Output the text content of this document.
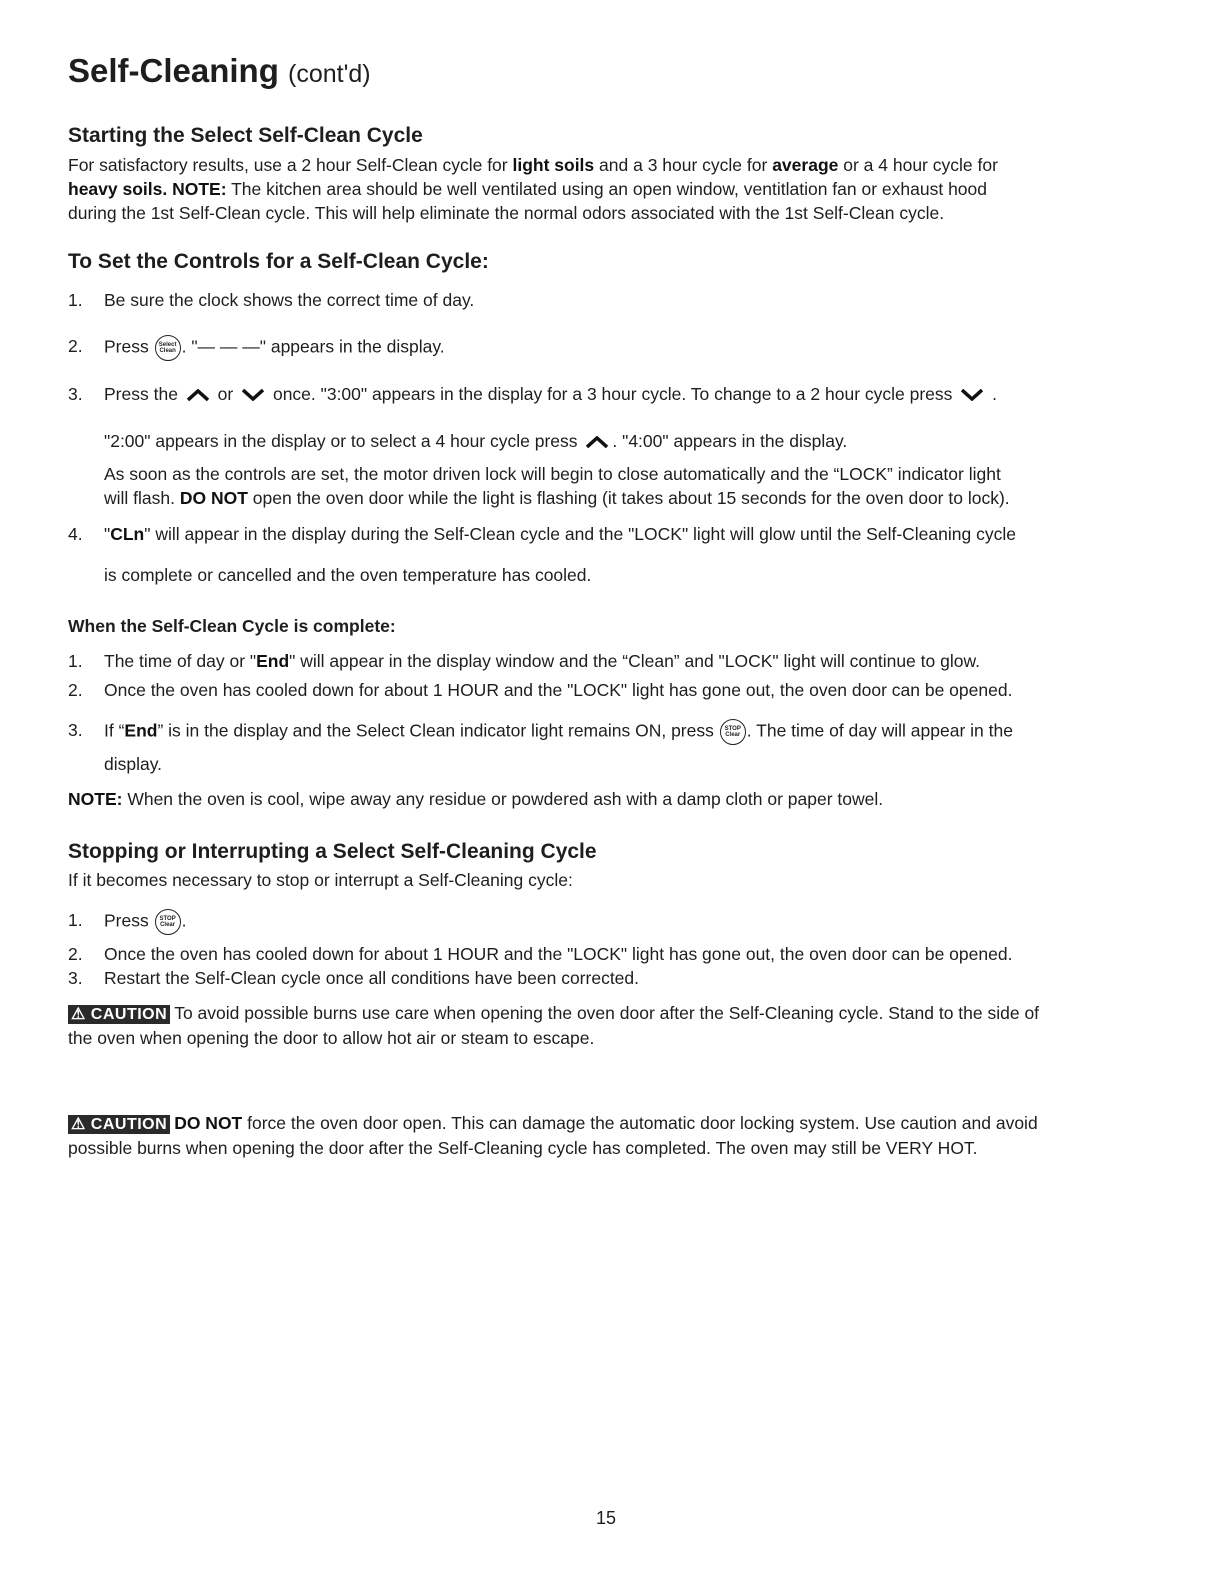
Self-Cleaning (cont'd)
Starting the Select Self-Clean Cycle
For satisfactory results, use a 2 hour Self-Clean cycle for light soils and a 3 hour cycle for average or a 4 hour cycle for
heavy soils. NOTE: The kitchen area should be well ventilated using an open window, ventitlation fan or exhaust hood
during the 1st Self-Clean cycle. This will help eliminate the normal odors associated with the 1st Self-Clean cycle.
To Set the Controls for a Self-Clean Cycle:
1. Be sure the clock shows the correct time of day.
2. Press Select
Clean . "— — —" appears in the display.
3. Press the  or  once. "3:00" appears in the display for a 3 hour cycle. To change to a 2 hour cycle press  .
"2:00" appears in the display or to select a 4 hour cycle press . "4:00" appears in the display.
As soon as the controls are set, the motor driven lock will begin to close automatically and the “LOCK” indicator light
will flash. DO NOT open the oven door while the light is flashing (it takes about 15 seconds for the oven door to lock).
4. "CLn" will appear in the display during the Self-Clean cycle and the "LOCK" light will glow until the Self-Cleaning cycle
is complete or cancelled and the oven temperature has cooled.
When the Self-Clean Cycle is complete:
1. The time of day or "End" will appear in the display window and the “Clean” and "LOCK" light will continue to glow.
2. Once the oven has cooled down for about 1 HOUR and the "LOCK" light has gone out, the oven door can be opened.
3. If “End” is in the display and the Select Clean indicator light remains ON, press STOP
Clear . The time of day will appear in the
display.
NOTE: When the oven is cool, wipe away any residue or powdered ash with a damp cloth or paper towel.
Stopping or Interrupting a Select Self-Cleaning Cycle
If it becomes necessary to stop or interrupt a Self-Cleaning cycle:
1. Press STOP
Clear .
2. Once the oven has cooled down for about 1 HOUR and the "LOCK" light has gone out, the oven door can be opened.
3. Restart the Self-Clean cycle once all conditions have been corrected.
⚠ CAUTION To avoid possible burns use care when opening the oven door after the Self-Cleaning cycle. Stand to the side of
the oven when opening the door to allow hot air or steam to escape.
⚠ CAUTION DO NOT force the oven door open. This can damage the automatic door locking system. Use caution and avoid
possible burns when opening the door after the Self-Cleaning cycle has completed. The oven may still be VERY HOT.
15
